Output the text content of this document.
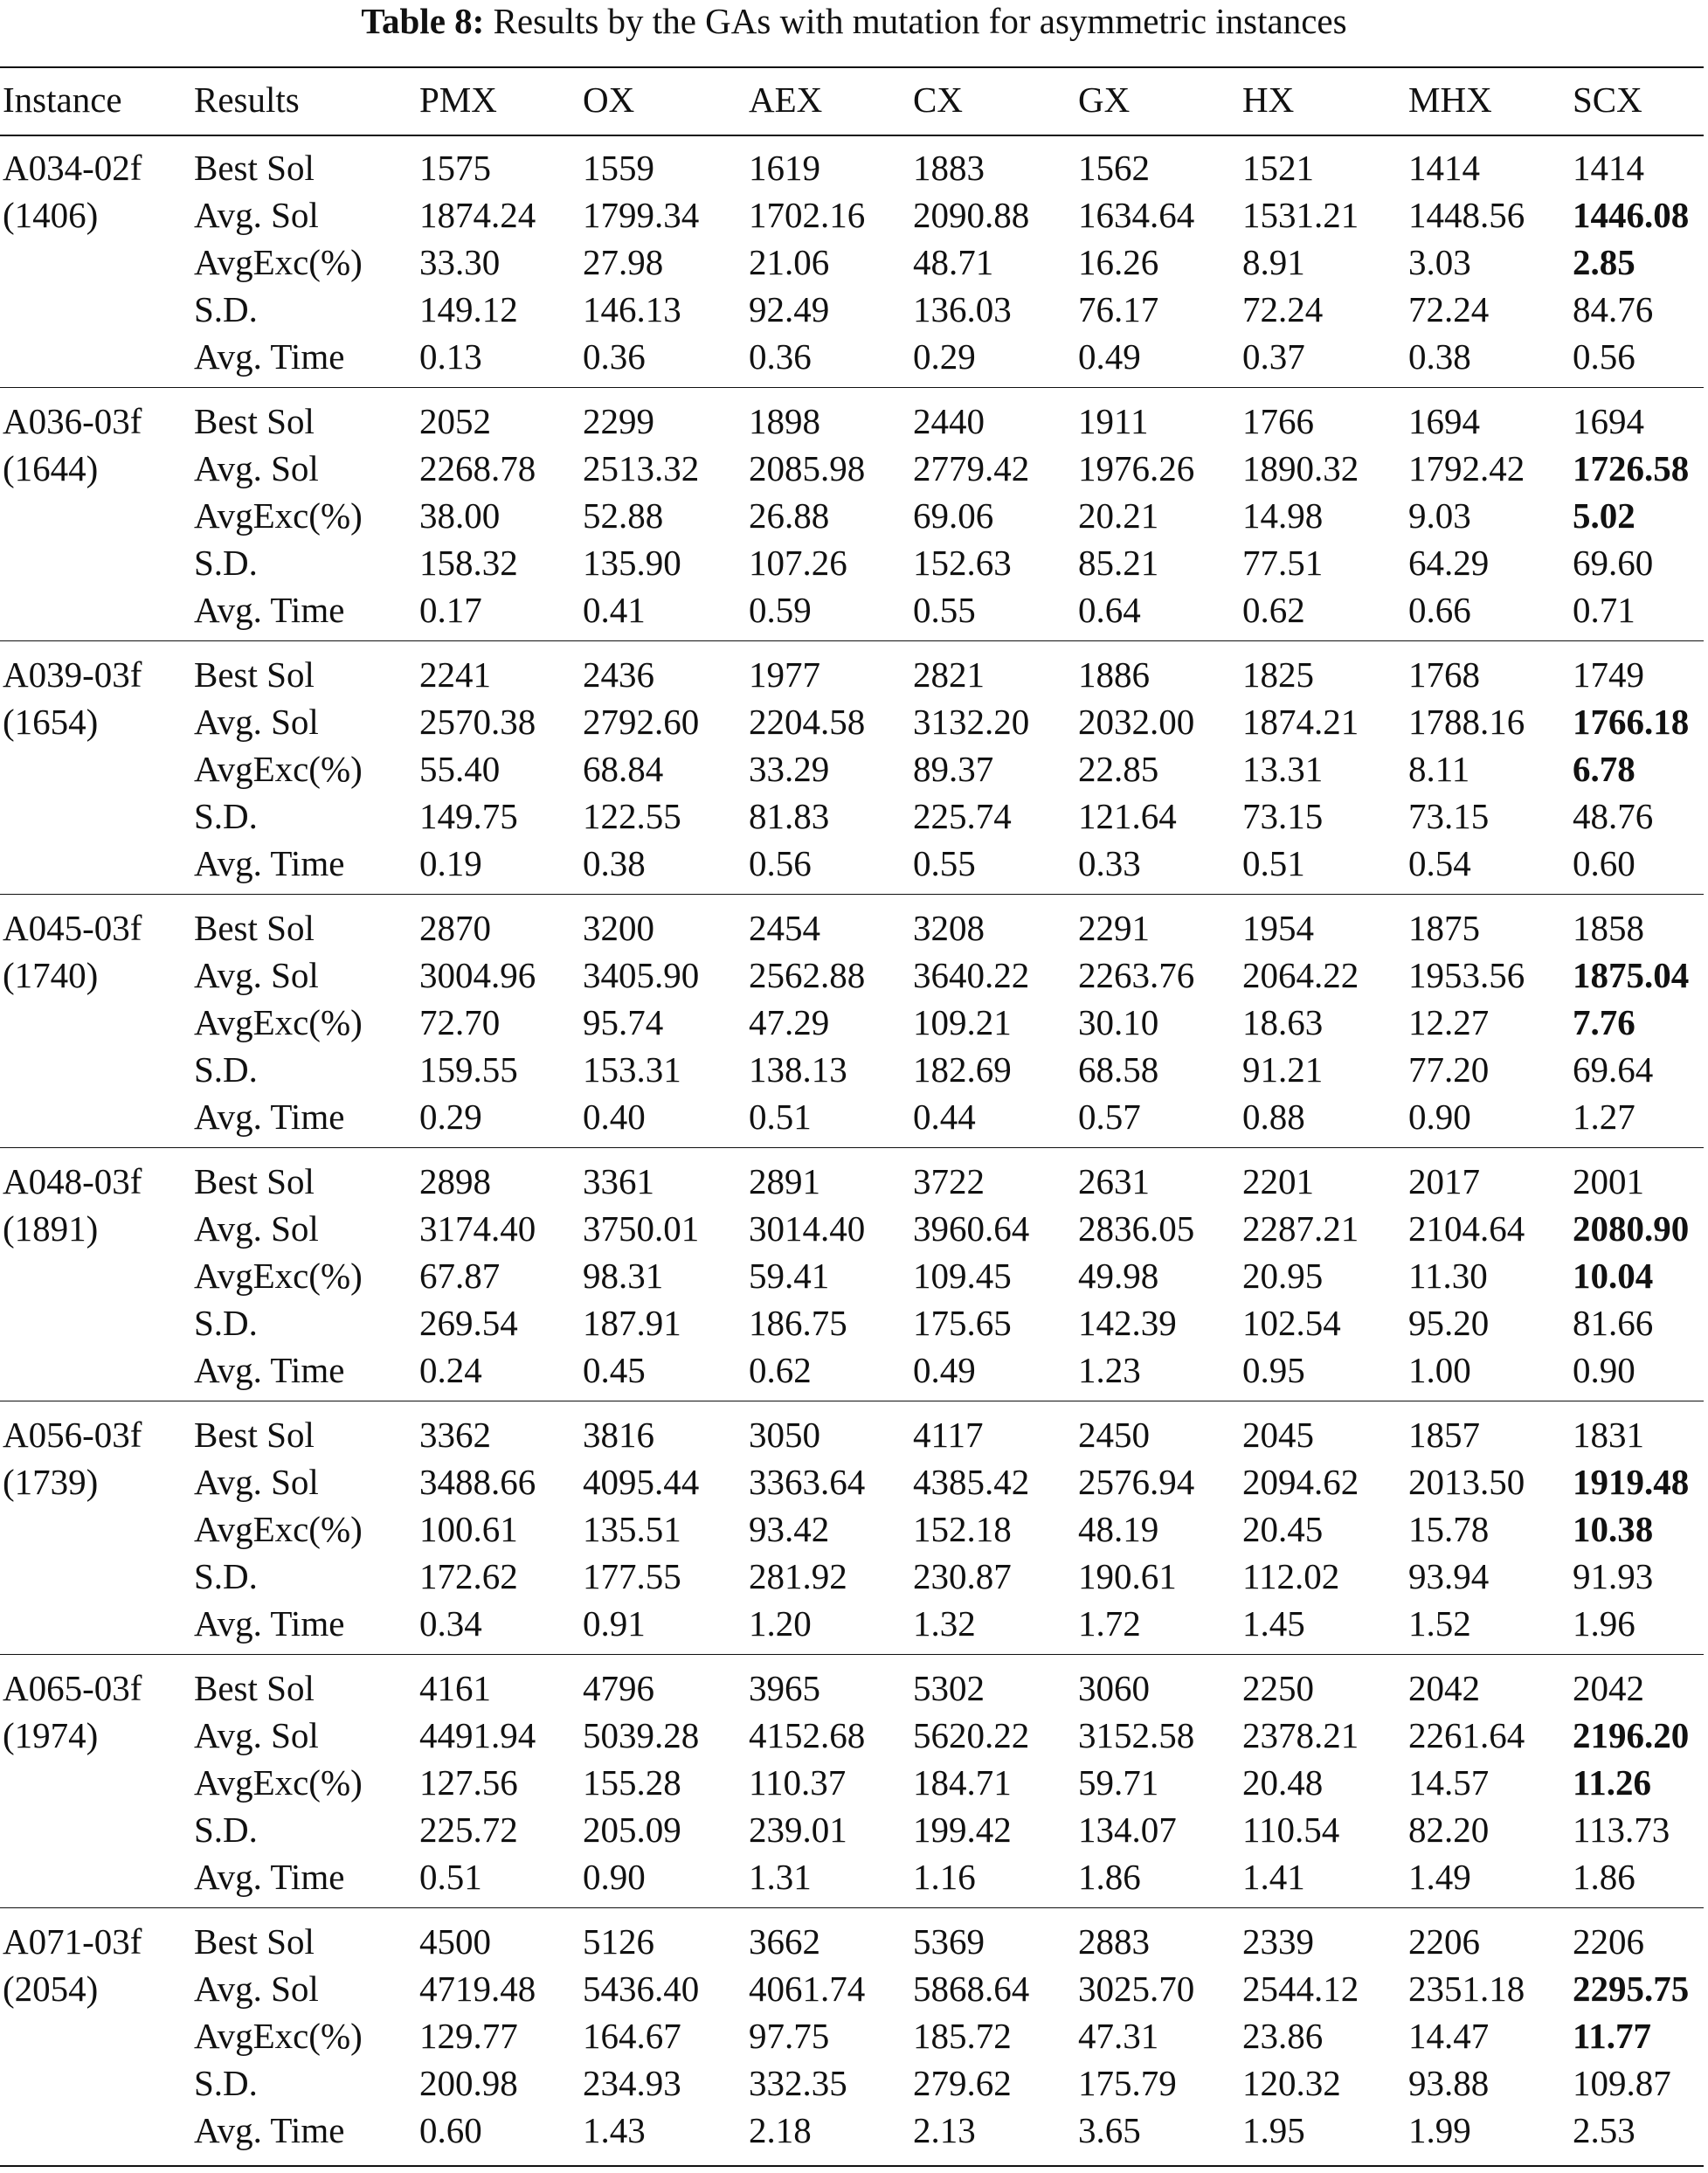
Table 8: Results by the GAs with mutation for asymmetric instances
Instance Results	PMX OX	AEX	CX	GX	HX	MHX SCX
A034-02f Best Sol	1575	1559	1619	1883	1562	1521	1414	1414
(1406)	Avg. Sol	1874.24 1799.34 1702.16 2090.88 1634.64 1531.21 1448.56 1446.08
AvgExc(%) 33.30 27.98 21.06 48.71 16.26 8.91	3.03	2.85
S.D.	149.12 146.13 92.49 136.03 76.17 72.24 72.24 84.76
Avg. Time 0.13	0.36	0.36	0.29	0.49	0.37	0.38	0.56
A036-03f Best Sol	2052	2299	1898	2440	1911	1766	1694	1694
(1644)	Avg. Sol	2268.78 2513.32 2085.98 2779.42 1976.26 1890.32 1792.42 1726.58
AvgExc(%) 38.00 52.88 26.88 69.06 20.21 14.98 9.03	5.02
S.D.	158.32 135.90 107.26 152.63 85.21 77.51 64.29 69.60
Avg. Time 0.17	0.41	0.59	0.55	0.64	0.62	0.66	0.71
A039-03f Best Sol	2241	2436	1977	2821	1886	1825	1768	1749
(1654)	Avg. Sol	2570.38 2792.60 2204.58 3132.20 2032.00 1874.21 1788.16 1766.18
AvgExc(%) 55.40 68.84 33.29 89.37 22.85 13.31 8.11	6.78
S.D.	149.75 122.55 81.83 225.74 121.64 73.15 73.15 48.76
Avg. Time 0.19	0.38	0.56	0.55	0.33	0.51	0.54	0.60
A045-03f Best Sol	2870	3200	2454	3208	2291	1954	1875	1858
(1740)	Avg. Sol	3004.96 3405.90 2562.88 3640.22 2263.76 2064.22 1953.56 1875.04
AvgExc(%) 72.70 95.74 47.29 109.21 30.10 18.63 12.27 7.76
S.D.	159.55 153.31 138.13 182.69 68.58 91.21 77.20 69.64
Avg. Time 0.29	0.40	0.51	0.44	0.57	0.88	0.90	1.27
A048-03f Best Sol	2898	3361	2891	3722	2631	2201	2017	2001
(1891)	Avg. Sol	3174.40 3750.01 3014.40 3960.64 2836.05 2287.21 2104.64 2080.90
AvgExc(%) 67.87 98.31 59.41 109.45 49.98 20.95 11.30 10.04
S.D.	269.54 187.91 186.75 175.65 142.39 102.54 95.20 81.66
Avg. Time 0.24	0.45	0.62	0.49	1.23	0.95	1.00	0.90
A056-03f Best Sol	3362	3816	3050	4117	2450	2045	1857	1831
(1739)	Avg. Sol	3488.66 4095.44 3363.64 4385.42 2576.94 2094.62 2013.50 1919.48
AvgExc(%) 100.61 135.51 93.42 152.18 48.19 20.45 15.78 10.38
S.D.	172.62 177.55 281.92 230.87 190.61 112.02 93.94 91.93
Avg. Time 0.34	0.91	1.20	1.32	1.72	1.45	1.52	1.96
A065-03f Best Sol	4161	4796	3965	5302	3060	2250	2042	2042
(1974)	Avg. Sol	4491.94 5039.28 4152.68 5620.22 3152.58 2378.21 2261.64 2196.20
AvgExc(%) 127.56 155.28 110.37 184.71 59.71 20.48 14.57 11.26
S.D.	225.72 205.09 239.01 199.42 134.07 110.54 82.20 113.73
Avg. Time 0.51	0.90	1.31	1.16	1.86	1.41	1.49	1.86
A071-03f Best Sol	4500	5126	3662	5369	2883	2339	2206	2206
(2054)	Avg. Sol	4719.48 5436.40 4061.74 5868.64 3025.70 2544.12 2351.18 2295.75
AvgExc(%) 129.77 164.67 97.75 185.72 47.31 23.86 14.47 11.77
S.D.	200.98 234.93 332.35 279.62 175.79 120.32 93.88 109.87
Avg. Time 0.60	1.43	2.18	2.13	3.65	1.95	1.99	2.53
